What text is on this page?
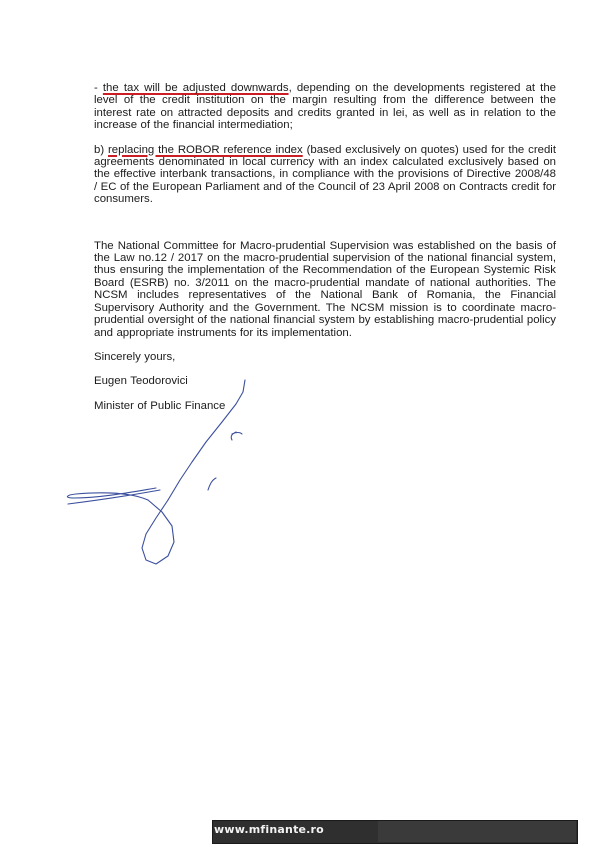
- the tax will be adjusted downwards, depending on the developments registered at the level of the credit institution on the margin resulting from the difference between the interest rate on attracted deposits and credits granted in lei, as well as in relation to the increase of the financial intermediation;

b) replacing the ROBOR reference index (based exclusively on quotes) used for the credit agreements denominated in local currency with an index calculated exclusively based on the effective interbank transactions, in compliance with the provisions of Directive 2008/48 / EC of the European Parliament and of the Council of 23 April 2008 on Contracts credit for consumers.

The National Committee for Macro-prudential Supervision was established on the basis of the Law no.12 / 2017 on the macro-prudential supervision of the national financial system, thus ensuring the implementation of the Recommendation of the European Systemic Risk Board (ESRB) no. 3/2011 on the macro-prudential mandate of national authorities. The NCSM includes representatives of the National Bank of Romania, the Financial Supervisory Authority and the Government. The NCSM mission is to coordinate macro-prudential oversight of the national financial system by establishing macro-prudential policy and appropriate instruments for its implementation.

Sincerely yours,

Eugen Teodorovici

Minister of Public Finance

www.mfinante.ro
